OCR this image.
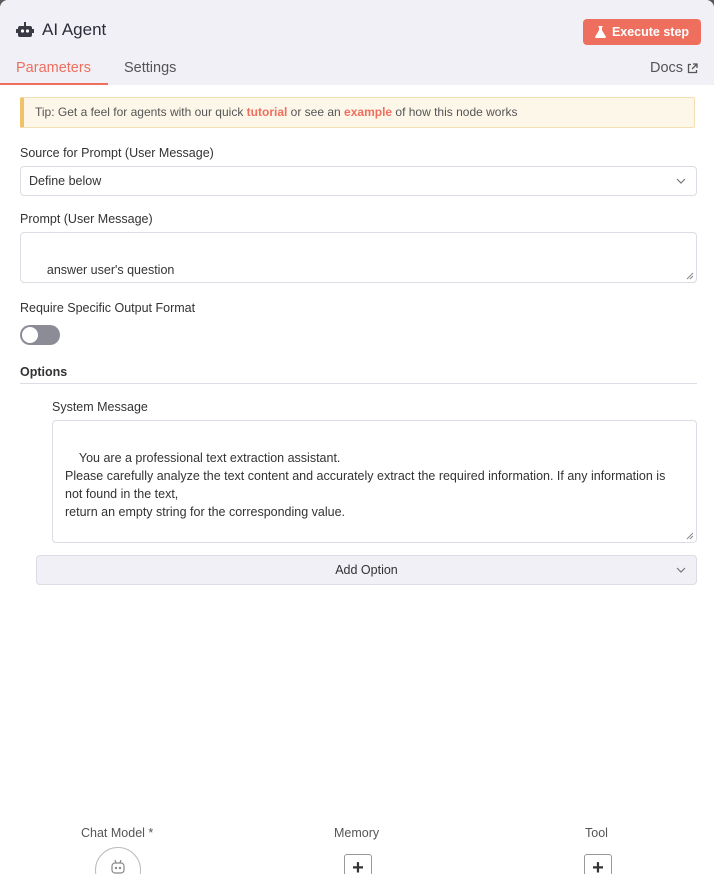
AI Agent	Execute step
Parameters Settings	Docs
Tip: Get a feel for agents with our quick tutorial or see an example of how this node works
Source for Prompt (User Message)
Define below
Prompt (User Message)

answer user's question

Require Specific Output Format
Options
System Message

You are a professional text extraction assistant.
Please carefully analyze the text content and accurately extract the required information. If any information is not found in the text,
return an empty string for the corresponding value.

Add Option
Chat Model *	Memory	Tool
+	+
